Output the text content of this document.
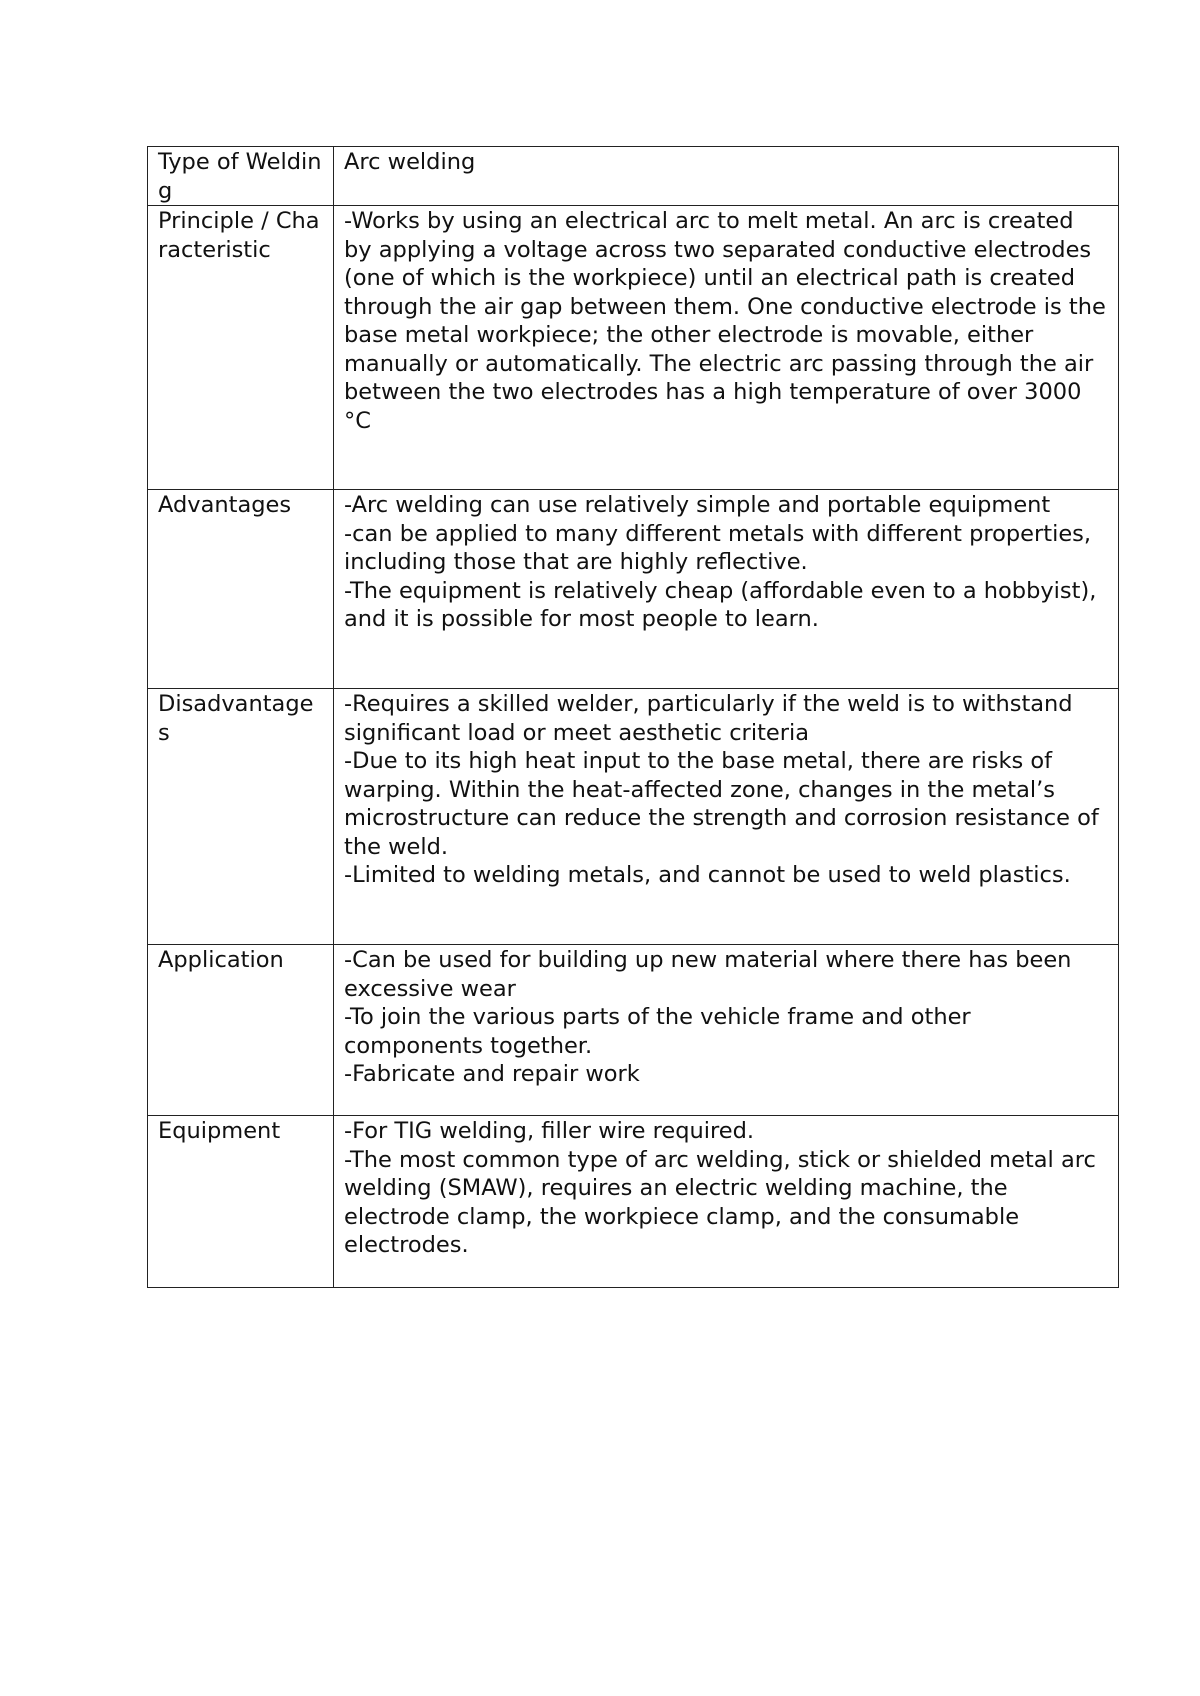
Type of Welding	Arc welding

Principle / Characteristic	-Works by using an electrical arc to melt metal. An arc is created by applying a voltage across two separated conductive electrodes (one of which is the workpiece) until an electrical path is created through the air gap between them. One conductive electrode is the base metal workpiece; the other electrode is movable, either manually or automatically. The electric arc passing through the air between the two electrodes has a high temperature of over 3000 °C

Advantages	-Arc welding can use relatively simple and portable equipment
-can be applied to many different metals with different properties, including those that are highly reflective.
-The equipment is relatively cheap (affordable even to a hobbyist), and it is possible for most people to learn.

Disadvantages	-Requires a skilled welder, particularly if the weld is to withstand significant load or meet aesthetic criteria
-Due to its high heat input to the base metal, there are risks of warping. Within the heat-affected zone, changes in the metal’s microstructure can reduce the strength and corrosion resistance of the weld.
-Limited to welding metals, and cannot be used to weld plastics.

Application	-Can be used for building up new material where there has been excessive wear
-To join the various parts of the vehicle frame and other components together.
-Fabricate and repair work

Equipment	-For TIG welding, filler wire required.
-The most common type of arc welding, stick or shielded metal arc welding (SMAW), requires an electric welding machine, the electrode clamp, the workpiece clamp, and the consumable electrodes.
